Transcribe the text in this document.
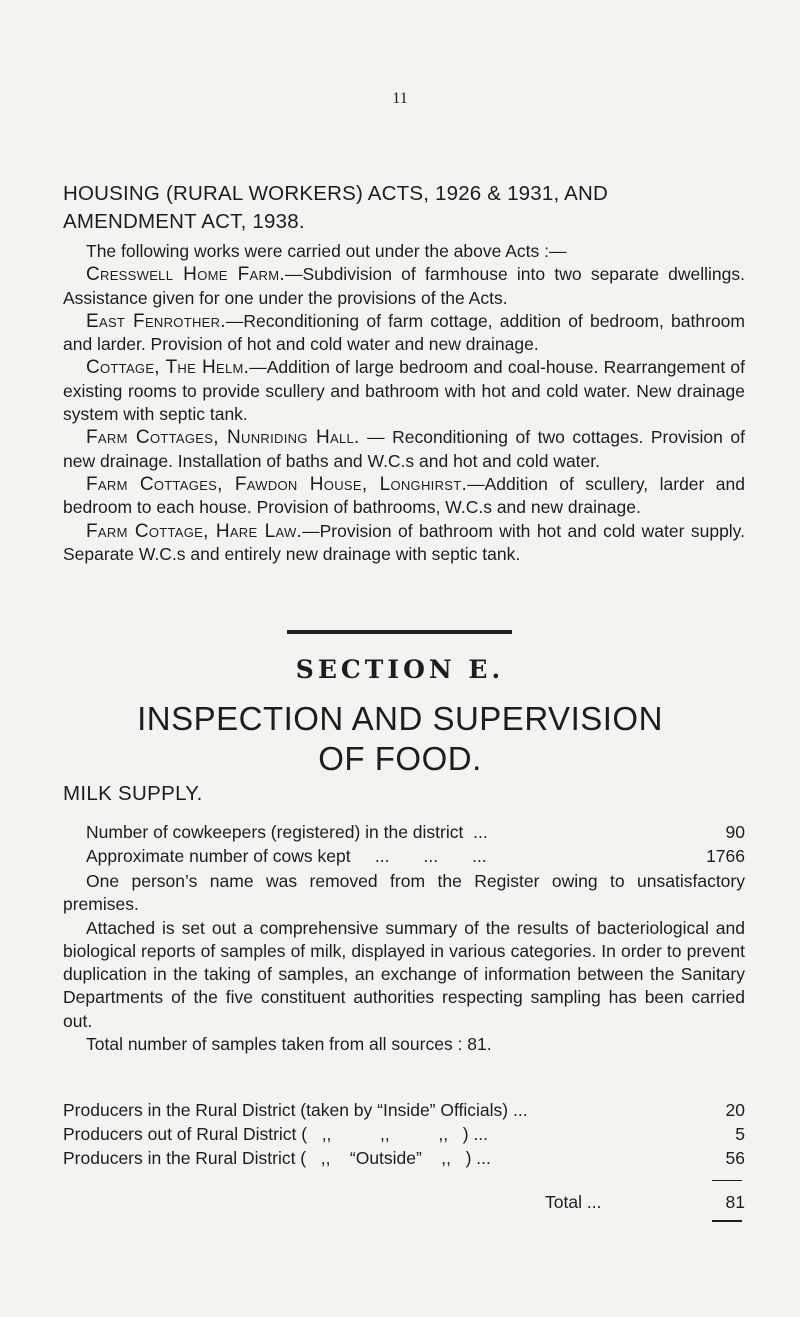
11
HOUSING (RURAL WORKERS) ACTS, 1926 & 1931, AND AMENDMENT ACT, 1938.

The following works were carried out under the above Acts :—

Cresswell Home Farm.—Subdivision of farmhouse into two separate dwellings. Assistance given for one under the provisions of the Acts.

East Fenrother.—Reconditioning of farm cottage, addition of bedroom, bathroom and larder. Provision of hot and cold water and new drainage.

Cottage, The Helm.—Addition of large bedroom and coal-house. Rearrangement of existing rooms to provide scullery and bathroom with hot and cold water. New drainage system with septic tank.

Farm Cottages, Nunriding Hall. — Reconditioning of two cottages. Provision of new drainage. Installation of baths and W.C.s and hot and cold water.

Farm Cottages, Fawdon House, Longhirst.—Addition of scullery, larder and bedroom to each house. Provision of bathrooms, W.C.s and new drainage.

Farm Cottage, Hare Law.—Provision of bathroom with hot and cold water supply. Separate W.C.s and entirely new drainage with septic tank.

SECTION E.
INSPECTION AND SUPERVISION
OF FOOD.
MILK SUPPLY.
Number of cowkeepers (registered) in the district  ...	90
Approximate number of cows kept     ...       ...       ...	1766

One person’s name was removed from the Register owing to unsatisfactory premises.

Attached is set out a comprehensive summary of the results of bacteriological and biological reports of samples of milk, displayed in various categories. In order to prevent duplication in the taking of samples, an exchange of information between the Sanitary Departments of the five constituent authorities respecting sampling has been carried out.

Total number of samples taken from all sources : 81.

Producers in the Rural District (taken by “Inside” Officials) ...	20
Producers out of Rural District (   ,,          ,,          ,,   ) ...	5
Producers in the Rural District (   ,,    “Outside”    ,,   ) ...	56
Total ...	81
